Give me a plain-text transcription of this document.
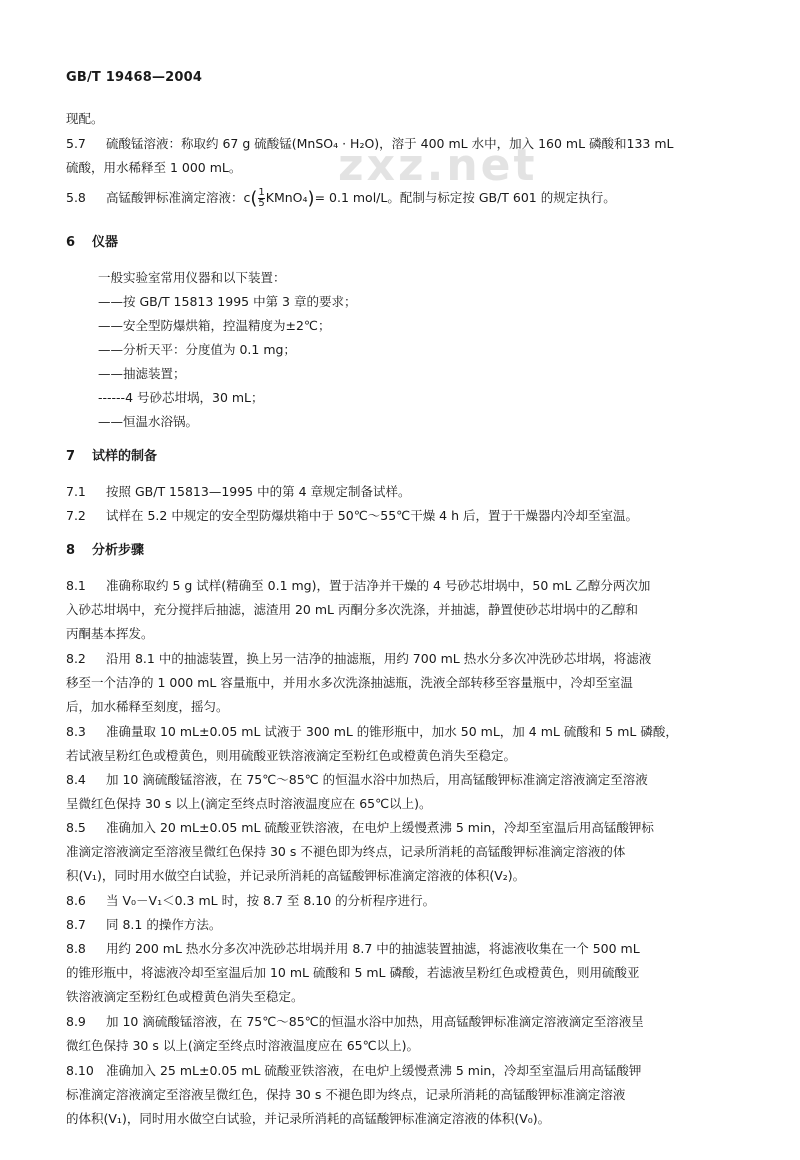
GB/T 19468—2004
zxz.net
现配。
5.7 硫酸锰溶液：称取约 67 g 硫酸锰(MnSO₄ · H₂O)，溶于 400 mL 水中，加入 160 mL 磷酸和133 mL
硫酸，用水稀释至 1 000 mL。
5.8 高锰酸钾标准滴定溶液：$c( \frac{1}{5}$ KMnO₄)= 0.1 mol/L。配制与标定按 GB/T 601 的规定执行。
6 仪器
一般实验室常用仪器和以下装置：
——按 GB/T 15813 1995 中第 3 章的要求；
——安全型防爆烘箱，控温精度为±2℃；
——分析天平：分度值为 0.1 mg；
——抽滤装置；
------4 号砂芯坩埚，30 mL；
——恒温水浴锅。
7 试样的制备
7.1 按照 GB/T 15813—1995 中的第 4 章规定制备试样。
7.2 试样在 5.2 中规定的安全型防爆烘箱中于 50℃～55℃干燥 4 h 后，置于干燥器内冷却至室温。
8 分析步骤
8.1 准确称取约 5 g 试样(精确至 0.1 mg)，置于洁净并干燥的 4 号砂芯坩埚中，50 mL 乙醇分两次加
入砂芯坩埚中，充分搅拌后抽滤，滤渣用 20 mL 丙酮分多次洗涤，并抽滤，静置使砂芯坩埚中的乙醇和
丙酮基本挥发。
8.2 沿用 8.1 中的抽滤装置，换上另一洁净的抽滤瓶，用约 700 mL 热水分多次冲洗砂芯坩埚，将滤液
移至一个洁净的 1 000 mL 容量瓶中，并用水多次洗涤抽滤瓶，洗液全部转移至容量瓶中，冷却至室温
后，加水稀释至刻度，摇匀。
8.3 准确量取 10 mL±0.05 mL 试液于 300 mL 的锥形瓶中，加水 50 mL，加 4 mL 硫酸和 5 mL 磷酸，
若试液呈粉红色或橙黄色，则用硫酸亚铁溶液滴定至粉红色或橙黄色消失至稳定。
8.4 加 10 滴硫酸锰溶液，在 75℃～85℃ 的恒温水浴中加热后，用高锰酸钾标准滴定溶液滴定至溶液
呈微红色保持 30 s 以上(滴定至终点时溶液温度应在 65℃以上)。
8.5 准确加入 20 mL±0.05 mL 硫酸亚铁溶液，在电炉上缓慢煮沸 5 min，冷却至室温后用高锰酸钾标
准滴定溶液滴定至溶液呈微红色保持 30 s 不褪色即为终点，记录所消耗的高锰酸钾标准滴定溶液的体
积(V₁)，同时用水做空白试验，并记录所消耗的高锰酸钾标准滴定溶液的体积(V₂)。
8.6 当 V₀－V₁＜0.3 mL 时，按 8.7 至 8.10 的分析程序进行。
8.7 同 8.1 的操作方法。
8.8 用约 200 mL 热水分多次冲洗砂芯坩埚并用 8.7 中的抽滤装置抽滤，将滤液收集在一个 500 mL
的锥形瓶中，将滤液冷却至室温后加 10 mL 硫酸和 5 mL 磷酸，若滤液呈粉红色或橙黄色，则用硫酸亚
铁溶液滴定至粉红色或橙黄色消失至稳定。
8.9 加 10 滴硫酸锰溶液，在 75℃～85℃的恒温水浴中加热，用高锰酸钾标准滴定溶液滴定至溶液呈
微红色保持 30 s 以上(滴定至终点时溶液温度应在 65℃以上)。
8.10 准确加入 25 mL±0.05 mL 硫酸亚铁溶液，在电炉上缓慢煮沸 5 min，冷却至室温后用高锰酸钾
标准滴定溶液滴定至溶液呈微红色，保持 30 s 不褪色即为终点，记录所消耗的高锰酸钾标准滴定溶液
的体积(V₁)，同时用水做空白试验，并记录所消耗的高锰酸钾标准滴定溶液的体积(V₀)。
